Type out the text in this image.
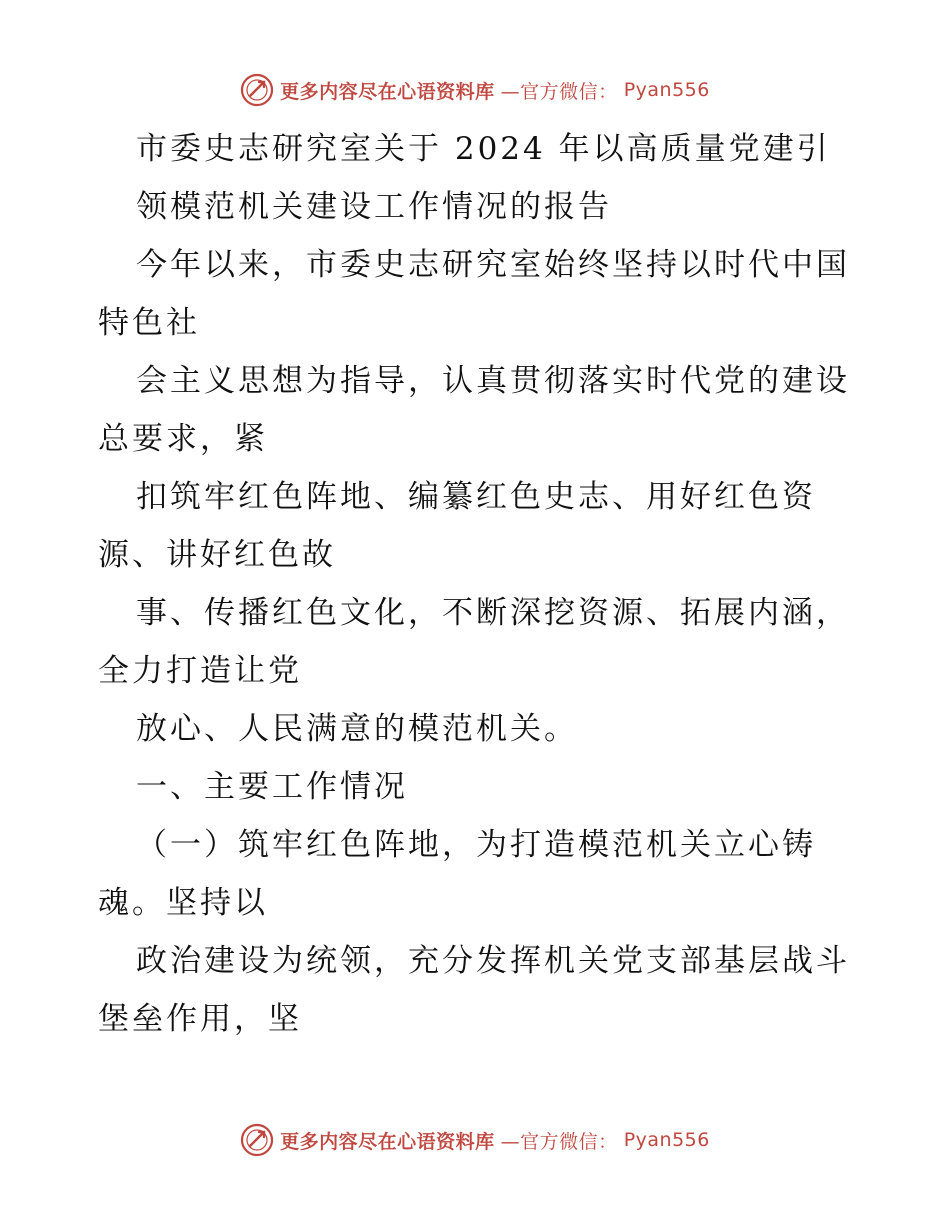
更多内容尽在心语资料库 —官方微信： Pyan556
市委史志研究室关于 2024 年以高质量党建引
领模范机关建设工作情况的报告
今年以来，市委史志研究室始终坚持以时代中国
特色社
会主义思想为指导，认真贯彻落实时代党的建设
总要求，紧
扣筑牢红色阵地、编纂红色史志、用好红色资
源、讲好红色故
事、传播红色文化，不断深挖资源、拓展内涵，
全力打造让党
放心、人民满意的模范机关。
一、主要工作情况
（一）筑牢红色阵地，为打造模范机关立心铸
魂。坚持以
政治建设为统领，充分发挥机关党支部基层战斗
堡垒作用，坚
更多内容尽在心语资料库 —官方微信： Pyan556
